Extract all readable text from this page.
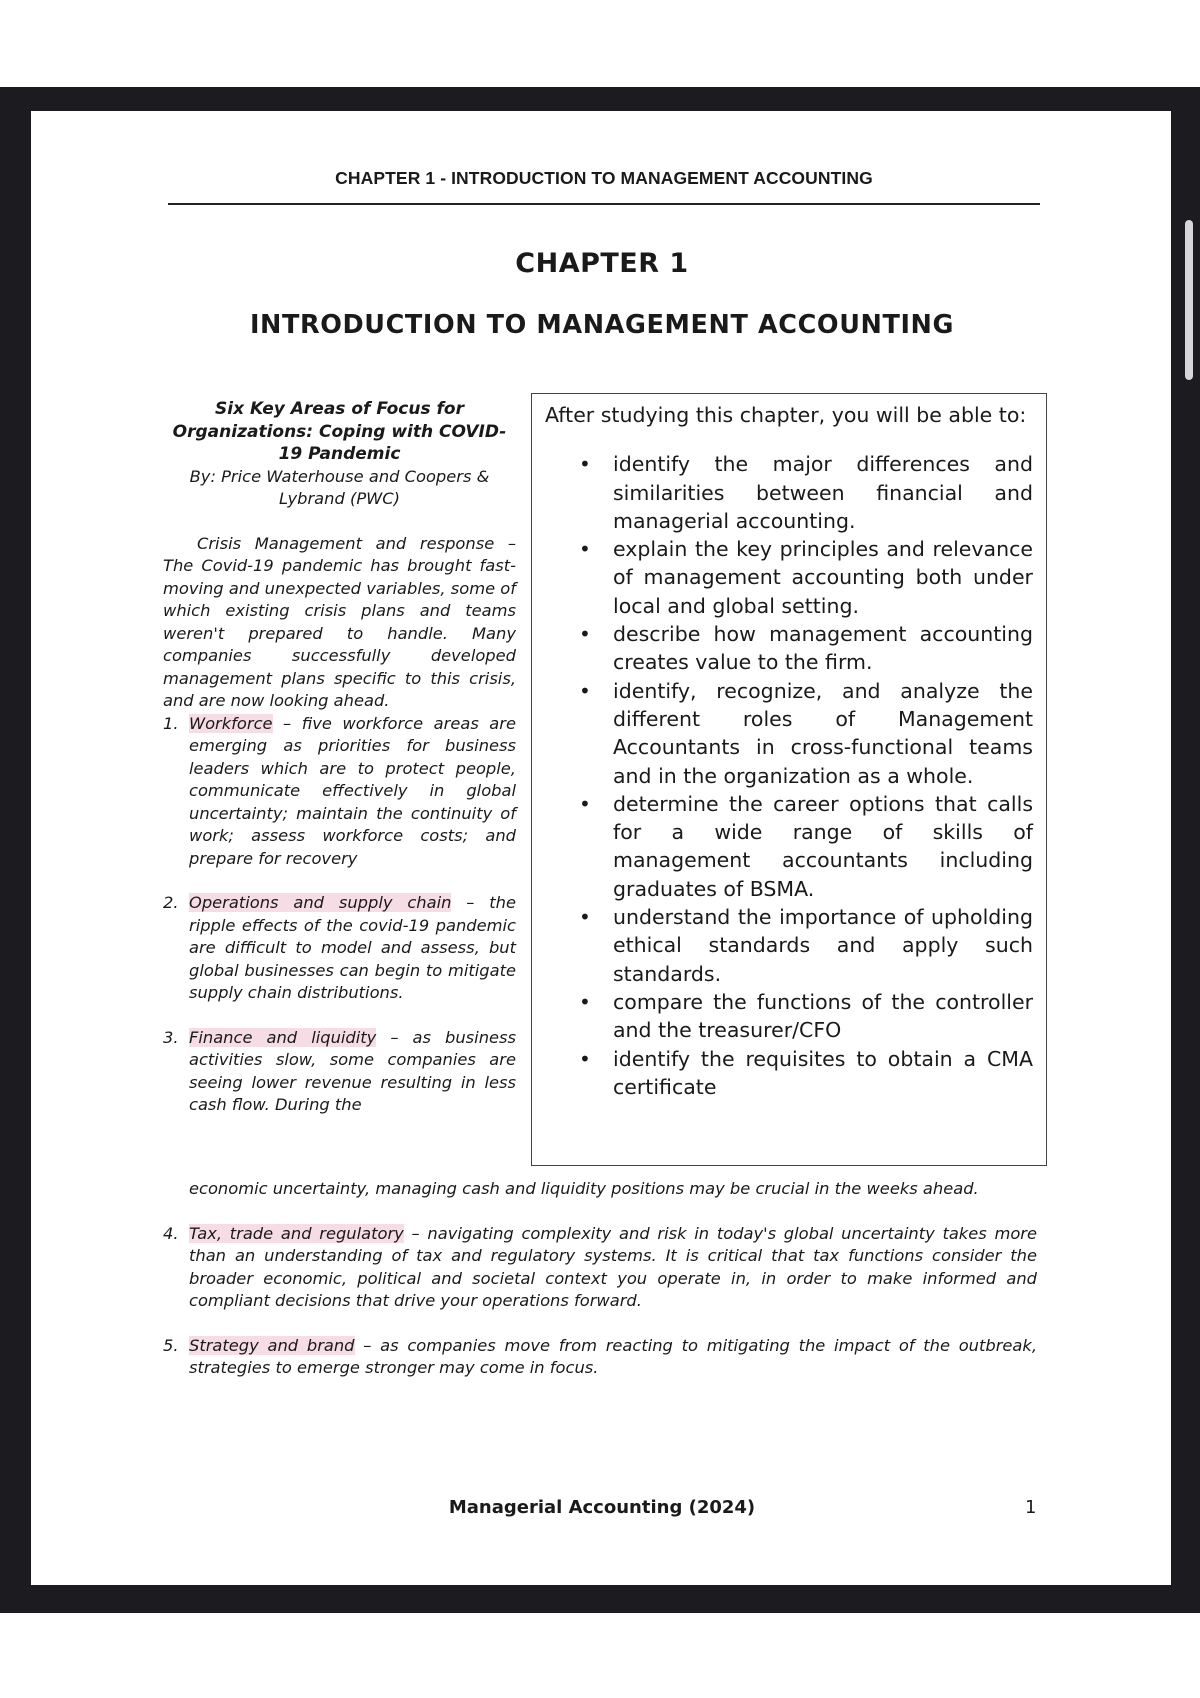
CHAPTER 1 - INTRODUCTION TO MANAGEMENT ACCOUNTING
CHAPTER 1
INTRODUCTION TO MANAGEMENT ACCOUNTING
Six Key Areas of Focus for Organizations: Coping with COVID-19 Pandemic
By: Price Waterhouse and Coopers & Lybrand (PWC)
Crisis Management and response – The Covid-19 pandemic has brought fast-moving and unexpected variables, some of which existing crisis plans and teams weren't prepared to handle. Many companies successfully developed management plans specific to this crisis, and are now looking ahead.
1. Workforce – five workforce areas are emerging as priorities for business leaders which are to protect people, communicate effectively in global uncertainty; maintain the continuity of work; assess workforce costs; and prepare for recovery
2. Operations and supply chain – the ripple effects of the covid-19 pandemic are difficult to model and assess, but global businesses can begin to mitigate supply chain distributions.
3. Finance and liquidity – as business activities slow, some companies are seeing lower revenue resulting in less cash flow. During the

After studying this chapter, you will be able to:

•	identify the major differences and similarities between financial and managerial accounting.
•	explain the key principles and relevance of management accounting both under local and global setting.
•	describe how management accounting creates value to the firm.
•	identify, recognize, and analyze the different roles of Management Accountants in cross-functional teams and in the organization as a whole.
•	determine the career options that calls for a wide range of skills of management accountants including graduates of BSMA.
•	understand the importance of upholding ethical standards and apply such standards.
•	compare the functions of the controller and the treasurer/CFO
•	identify the requisites to obtain a CMA certificate
economic uncertainty, managing cash and liquidity positions may be crucial in the weeks ahead.
4. Tax, trade and regulatory – navigating complexity and risk in today's global uncertainty takes more than an understanding of tax and regulatory systems. It is critical that tax functions consider the broader economic, political and societal context you operate in, in order to make informed and compliant decisions that drive your operations forward.
5. Strategy and brand – as companies move from reacting to mitigating the impact of the outbreak, strategies to emerge stronger may come in focus.
Managerial Accounting (2024)	1
